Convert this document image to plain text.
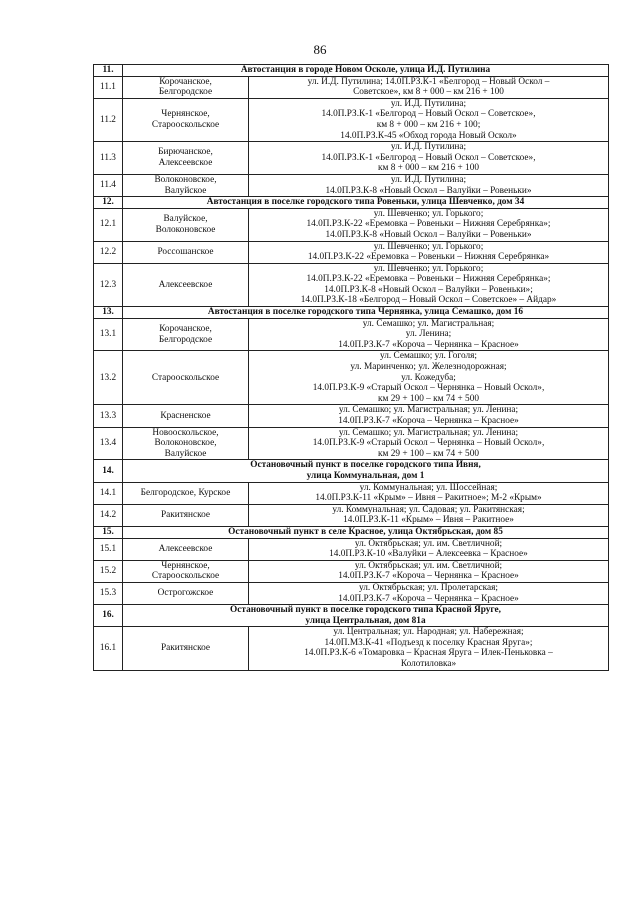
86
11.	Автостанция в городе Новом Осколе, улица И.Д. Путилина	

11.1	Корочанское,
Белгородское	ул. И.Д. Путилина; 14.0П.РЗ.К-1 «Белгород – Новый Оскол –
Советское», км 8 + 000 – км 216 + 100

11.2	Чернянское,
Старооскольское	ул. И.Д. Путилина;
14.0П.РЗ.К-1 «Белгород – Новый Оскол – Советское»,
км 8 + 000 – км 216 + 100;
14.0П.РЗ.К-45 «Обход города Новый Оскол»

11.3	Бирючанское,
Алексеевское	ул. И.Д. Путилина;
14.0П.РЗ.К-1 «Белгород – Новый Оскол – Советское»,
км 8 + 000 – км 216 + 100

11.4	Волоконовское,
Валуйское	ул. И.Д. Путилина;
14.0П.РЗ.К-8 «Новый Оскол – Валуйки – Ровеньки»

12.	Автостанция в поселке городского типа Ровеньки, улица Шевченко, дом 34	

12.1	Валуйское,
Волоконовское	ул. Шевченко; ул. Горького;
14.0П.РЗ.К-22 «Еремовка – Ровеньки – Нижняя Серебрянка»;
14.0П.РЗ.К-8 «Новый Оскол – Валуйки – Ровеньки»

12.2	Россошанское	ул. Шевченко; ул. Горького;
14.0П.РЗ.К-22 «Еремовка – Ровеньки – Нижняя Серебрянка»

12.3	Алексеевское	ул. Шевченко; ул. Горького;
14.0П.РЗ.К-22 «Еремовка – Ровеньки – Нижняя Серебрянка»;
14.0П.РЗ.К-8 «Новый Оскол – Валуйки – Ровеньки»;
14.0П.РЗ.К-18 «Белгород – Новый Оскол – Советское» – Айдар»

13.	Автостанция в поселке городского типа Чернянка, улица Семашко, дом 16	

13.1	Корочанское,
Белгородское	ул. Семашко; ул. Магистральная;
ул. Ленина;
14.0П.РЗ.К-7 «Короча – Чернянка – Красное»

13.2	Старооскольское	ул. Семашко; ул. Гоголя;
ул. Маринченко; ул. Железнодорожная;
ул. Кожедуба;
14.0П.РЗ.К-9 «Старый Оскол – Чернянка – Новый Оскол»,
км 29 + 100 – км 74 + 500

13.3	Красненское	ул. Семашко; ул. Магистральная; ул. Ленина;
14.0П.РЗ.К-7 «Короча – Чернянка – Красное»

13.4	Новооскольское,
Волоконовское,
Валуйское	ул. Семашко; ул. Магистральная; ул. Ленина;
14.0П.РЗ.К-9 «Старый Оскол – Чернянка – Новый Оскол»,
км 29 + 100 – км 74 + 500

14.	Остановочный пункт в поселке городского типа Ивня,
улица Коммунальная, дом 1	

14.1	Белгородское, Курское	ул. Коммунальная; ул. Шоссейная;
14.0П.РЗ.К-11 «Крым» – Ивня – Ракитное»; М-2 «Крым»

14.2	Ракитянское	ул. Коммунальная; ул. Садовая; ул. Ракитянская;
14.0П.РЗ.К-11 «Крым» – Ивня – Ракитное»

15.	Остановочный пункт в селе Красное, улица Октябрьская, дом 85	

15.1	Алексеевское	ул. Октябрьская; ул. им. Светличной;
14.0П.РЗ.К-10 «Валуйки – Алексеевка – Красное»

15.2	Чернянское,
Старооскольское	ул. Октябрьская; ул. им. Светличной;
14.0П.РЗ.К-7 «Короча – Чернянка – Красное»

15.3	Острогожское	ул. Октябрьская; ул. Пролетарская;
14.0П.РЗ.К-7 «Короча – Чернянка – Красное»

16.	Остановочный пункт в поселке городского типа Красной Яруге,
улица Центральная, дом 81а	

16.1	Ракитянское	ул. Центральная; ул. Народная; ул. Набережная;
14.0П.МЗ.К-41 «Подъезд к поселку Красная Яруга»;
14.0П.РЗ.К-6 «Томаровка – Красная Яруга – Илек-Пеньковка –
Колотиловка»
